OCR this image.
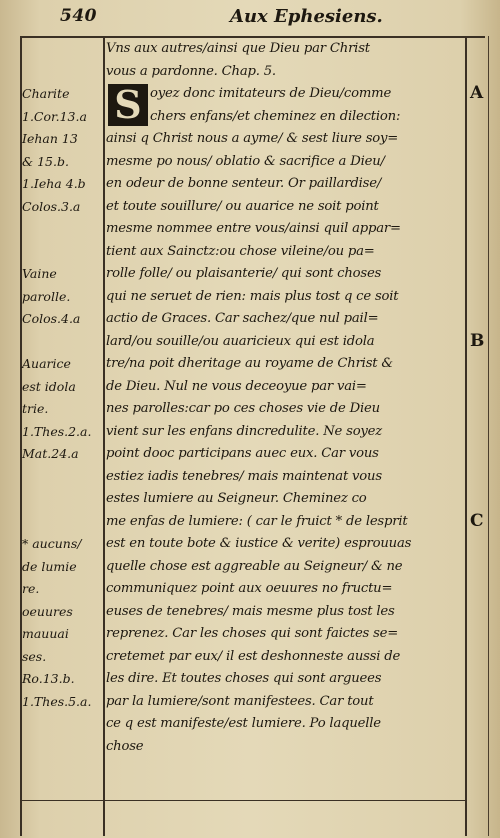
540	Aux Ephesiens.
Charite
1.Cor.13.a
Iehan 13
& 15.b.
1.Ieha 4.b
Colos.3.a
Vaine
parolle.
Colos.4.a
Auarice
est idola
trie.
1.Thes.2.a.
Mat.24.a
* aucuns/
de lumie
re.
oeuures
mauuai
ses.
Ro.13.b.
1.Thes.5.a.
A
B
C
S
Vns aux autres/ainsi que Dieu par Christ
vous a pardonne. Chap. 5.
oyez donc imitateurs de Dieu/comme
chers enfans/et cheminez en dilection:
ainsi q Christ nous a ayme/ & sest liure soy=
mesme po nous/ oblatio & sacrifice a Dieu/
en odeur de bonne senteur. Or paillardise/
et toute souillure/ ou auarice ne soit point
mesme nommee entre vous/ainsi quil appar=
tient aux Sainctz:ou chose vileine/ou pa=
rolle folle/ ou plaisanterie/ qui sont choses
qui ne seruet de rien: mais plus tost q ce soit
actio de Graces. Car sachez/que nul pail=
lard/ou souille/ou auaricieux qui est idola
tre/na poit dheritage au royame de Christ &
de Dieu. Nul ne vous deceoyue par vai=
nes parolles:car po ces choses vie de Dieu
vient sur les enfans dincredulite. Ne soyez
point dooc participans auec eux. Car vous
estiez iadis tenebres/ mais maintenat vous
estes lumiere au Seigneur. Cheminez co
me enfas de lumiere: ( car le fruict * de lesprit
est en toute bote & iustice & verite) esprouuas
quelle chose est aggreable au Seigneur/ & ne
communiquez point aux oeuures no fructu=
euses de tenebres/ mais mesme plus tost les
reprenez. Car les choses qui sont faictes se=
cretemet par eux/ il est deshonneste aussi de
les dire. Et toutes choses qui sont arguees
par la lumiere/sont manifestees. Car tout
ce q est manifeste/est lumiere. Po laquelle
chose
